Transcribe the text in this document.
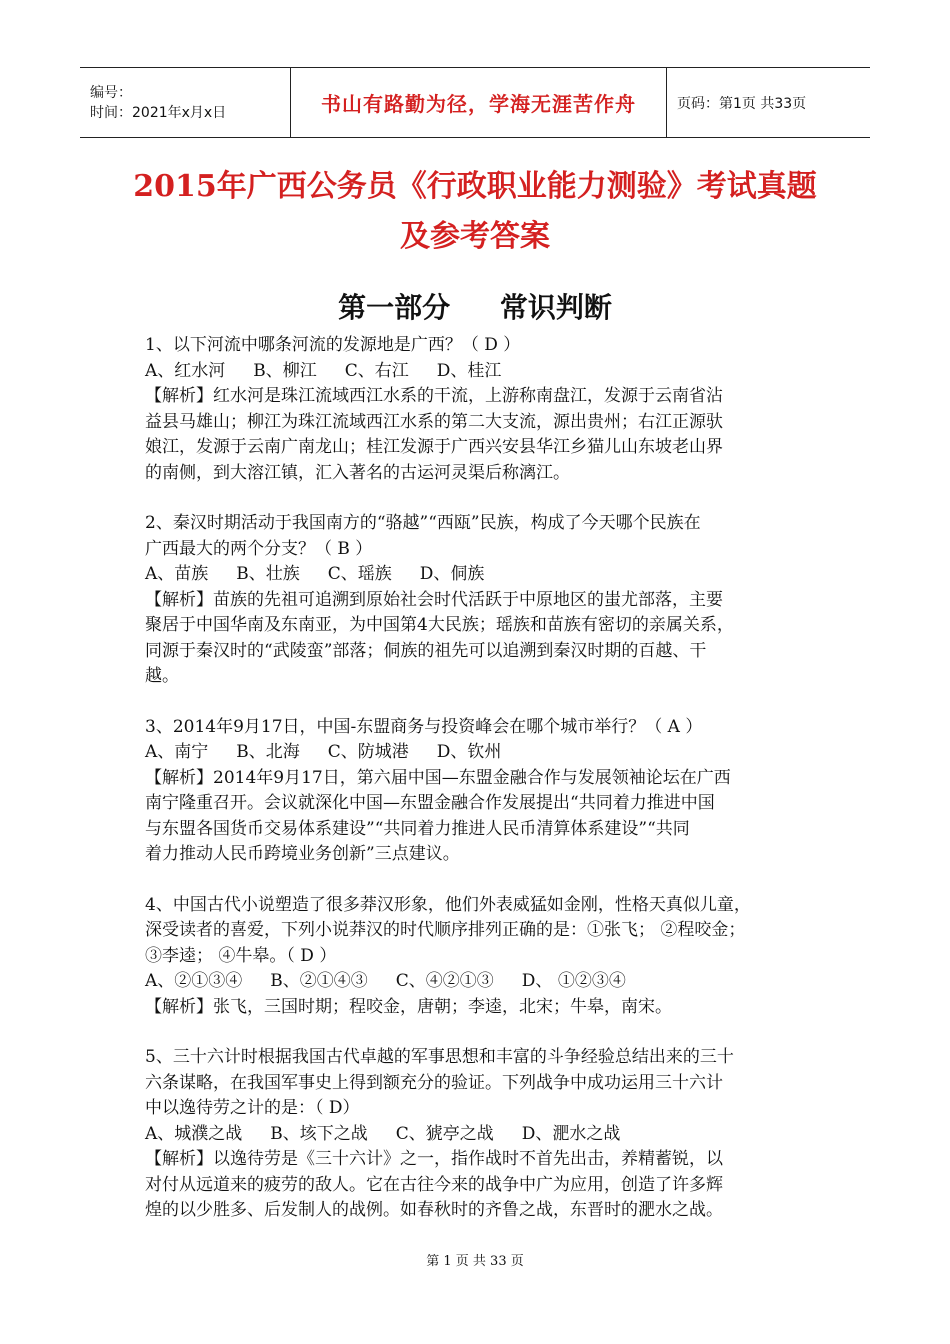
编号：
时间：2021年x月x日	书山有路勤为径，学海无涯苦作舟	页码：第1页 共33页
2015年广西公务员《行政职业能力测验》考试真题
及参考答案
第一部分 常识判断

1、以下河流中哪条河流的发源地是广西？（ D ）

A、红水河 B、柳江 C、右江 D、桂江

【解析】红水河是珠江流域西江水系的干流，上游称南盘江，发源于云南省沾

益县马雄山；柳江为珠江流域西江水系的第二大支流，源出贵州；右江正源驮

娘江，发源于云南广南龙山；桂江发源于广西兴安县华江乡猫儿山东坡老山界

的南侧，到大溶江镇，汇入著名的古运河灵渠后称漓江。

2、秦汉时期活动于我国南方的“骆越”“西瓯”民族，构成了今天哪个民族在

广西最大的两个分支？（ B ）

A、苗族 B、壮族 C、瑶族 D、侗族

【解析】苗族的先祖可追溯到原始社会时代活跃于中原地区的蚩尤部落，主要

聚居于中国华南及东南亚，为中国第4大民族；瑶族和苗族有密切的亲属关系，

同源于秦汉时的“武陵蛮”部落；侗族的祖先可以追溯到秦汉时期的百越、干

越。

3、2014年9月17日，中国-东盟商务与投资峰会在哪个城市举行？（ A ）

A、南宁 B、北海 C、防城港 D、钦州

【解析】2014年9月17日，第六届中国—东盟金融合作与发展领袖论坛在广西

南宁隆重召开。会议就深化中国—东盟金融合作发展提出“共同着力推进中国

与东盟各国货币交易体系建设”“共同着力推进人民币清算体系建设”“共同

着力推动人民币跨境业务创新”三点建议。

4、中国古代小说塑造了很多莽汉形象，他们外表威猛如金刚，性格天真似儿童，

深受读者的喜爱，下列小说莽汉的时代顺序排列正确的是：①张飞； ②程咬金；

③李逵； ④牛皋。（ D ）

A、②①③④ B、②①④③ C、④②①③ D、 ①②③④

【解析】张飞，三国时期；程咬金，唐朝；李逵，北宋；牛皋，南宋。

5、三十六计时根据我国古代卓越的军事思想和丰富的斗争经验总结出来的三十

六条谋略，在我国军事史上得到额充分的验证。下列战争中成功运用三十六计

中以逸待劳之计的是：（ D）

A、城濮之战 B、垓下之战 C、猇亭之战 D、淝水之战

【解析】以逸待劳是《三十六计》之一，指作战时不首先出击，养精蓄锐，以

对付从远道来的疲劳的敌人。它在古往今来的战争中广为应用，创造了许多辉

煌的以少胜多、后发制人的战例。如春秋时的齐鲁之战，东晋时的淝水之战。

第 1 页 共 33 页
